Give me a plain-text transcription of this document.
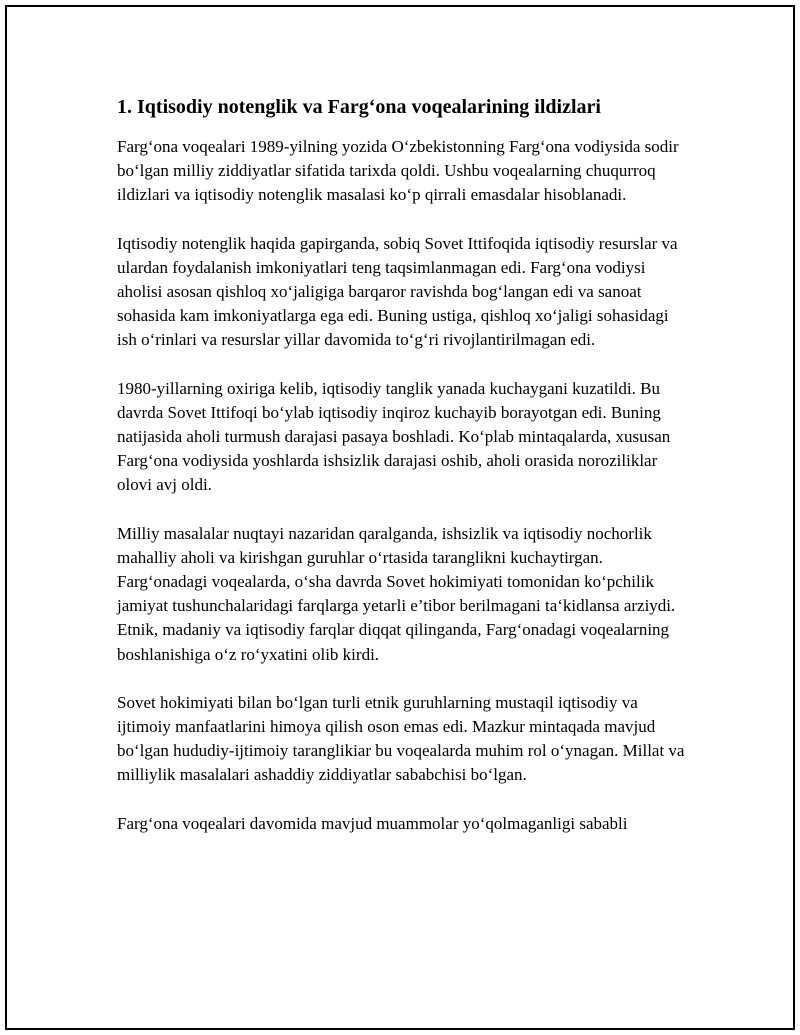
1. Iqtisodiy notenglik va Farg‘ona voqealarining ildizlari

Farg‘ona voqealari 1989-yilning yozida O‘zbekistonning Farg‘ona vodiysida sodir bo‘lgan milliy ziddiyatlar sifatida tarixda qoldi. Ushbu voqealarning chuqurroq ildizlari va iqtisodiy notenglik masalasi ko‘p qirrali emasdalar hisoblanadi.

Iqtisodiy notenglik haqida gapirganda, sobiq Sovet Ittifoqida iqtisodiy resurslar va ulardan foydalanish imkoniyatlari teng taqsimlanmagan edi. Farg‘ona vodiysi aholisi asosan qishloq xo‘jaligiga barqaror ravishda bog‘langan edi va sanoat sohasida kam imkoniyatlarga ega edi. Buning ustiga, qishloq xo‘jaligi sohasidagi ish o‘rinlari va resurslar yillar davomida to‘g‘ri rivojlantirilmagan edi.

1980-yillarning oxiriga kelib, iqtisodiy tanglik yanada kuchaygani kuzatildi. Bu davrda Sovet Ittifoqi bo‘ylab iqtisodiy inqiroz kuchayib borayotgan edi. Buning natijasida aholi turmush darajasi pasaya boshladi. Ko‘plab mintaqalarda, xususan Farg‘ona vodiysida yoshlarda ishsizlik darajasi oshib, aholi orasida noroziliklar olovi avj oldi.

Milliy masalalar nuqtayi nazaridan qaralganda, ishsizlik va iqtisodiy nochorlik mahalliy aholi va kirishgan guruhlar o‘rtasida taranglikni kuchaytirgan. Farg‘onadagi voqealarda, o‘sha davrda Sovet hokimiyati tomonidan ko‘pchilik jamiyat tushunchalaridagi farqlarga yetarli e’tibor berilmagani ta‘kidlansa arziydi. Etnik, madaniy va iqtisodiy farqlar diqqat qilinganda, Farg‘onadagi voqealarning boshlanishiga o‘z ro‘yxatini olib kirdi.

Sovet hokimiyati bilan bo‘lgan turli etnik guruhlarning mustaqil iqtisodiy va ijtimoiy manfaatlarini himoya qilish oson emas edi. Mazkur mintaqada mavjud bo‘lgan hududiy-ijtimoiy taranglikiar bu voqealarda muhim rol o‘ynagan. Millat va milliylik masalalari ashaddiy ziddiyatlar sababchisi bo‘lgan.

Farg‘ona voqealari davomida mavjud muammolar yo‘qolmaganligi sababli
